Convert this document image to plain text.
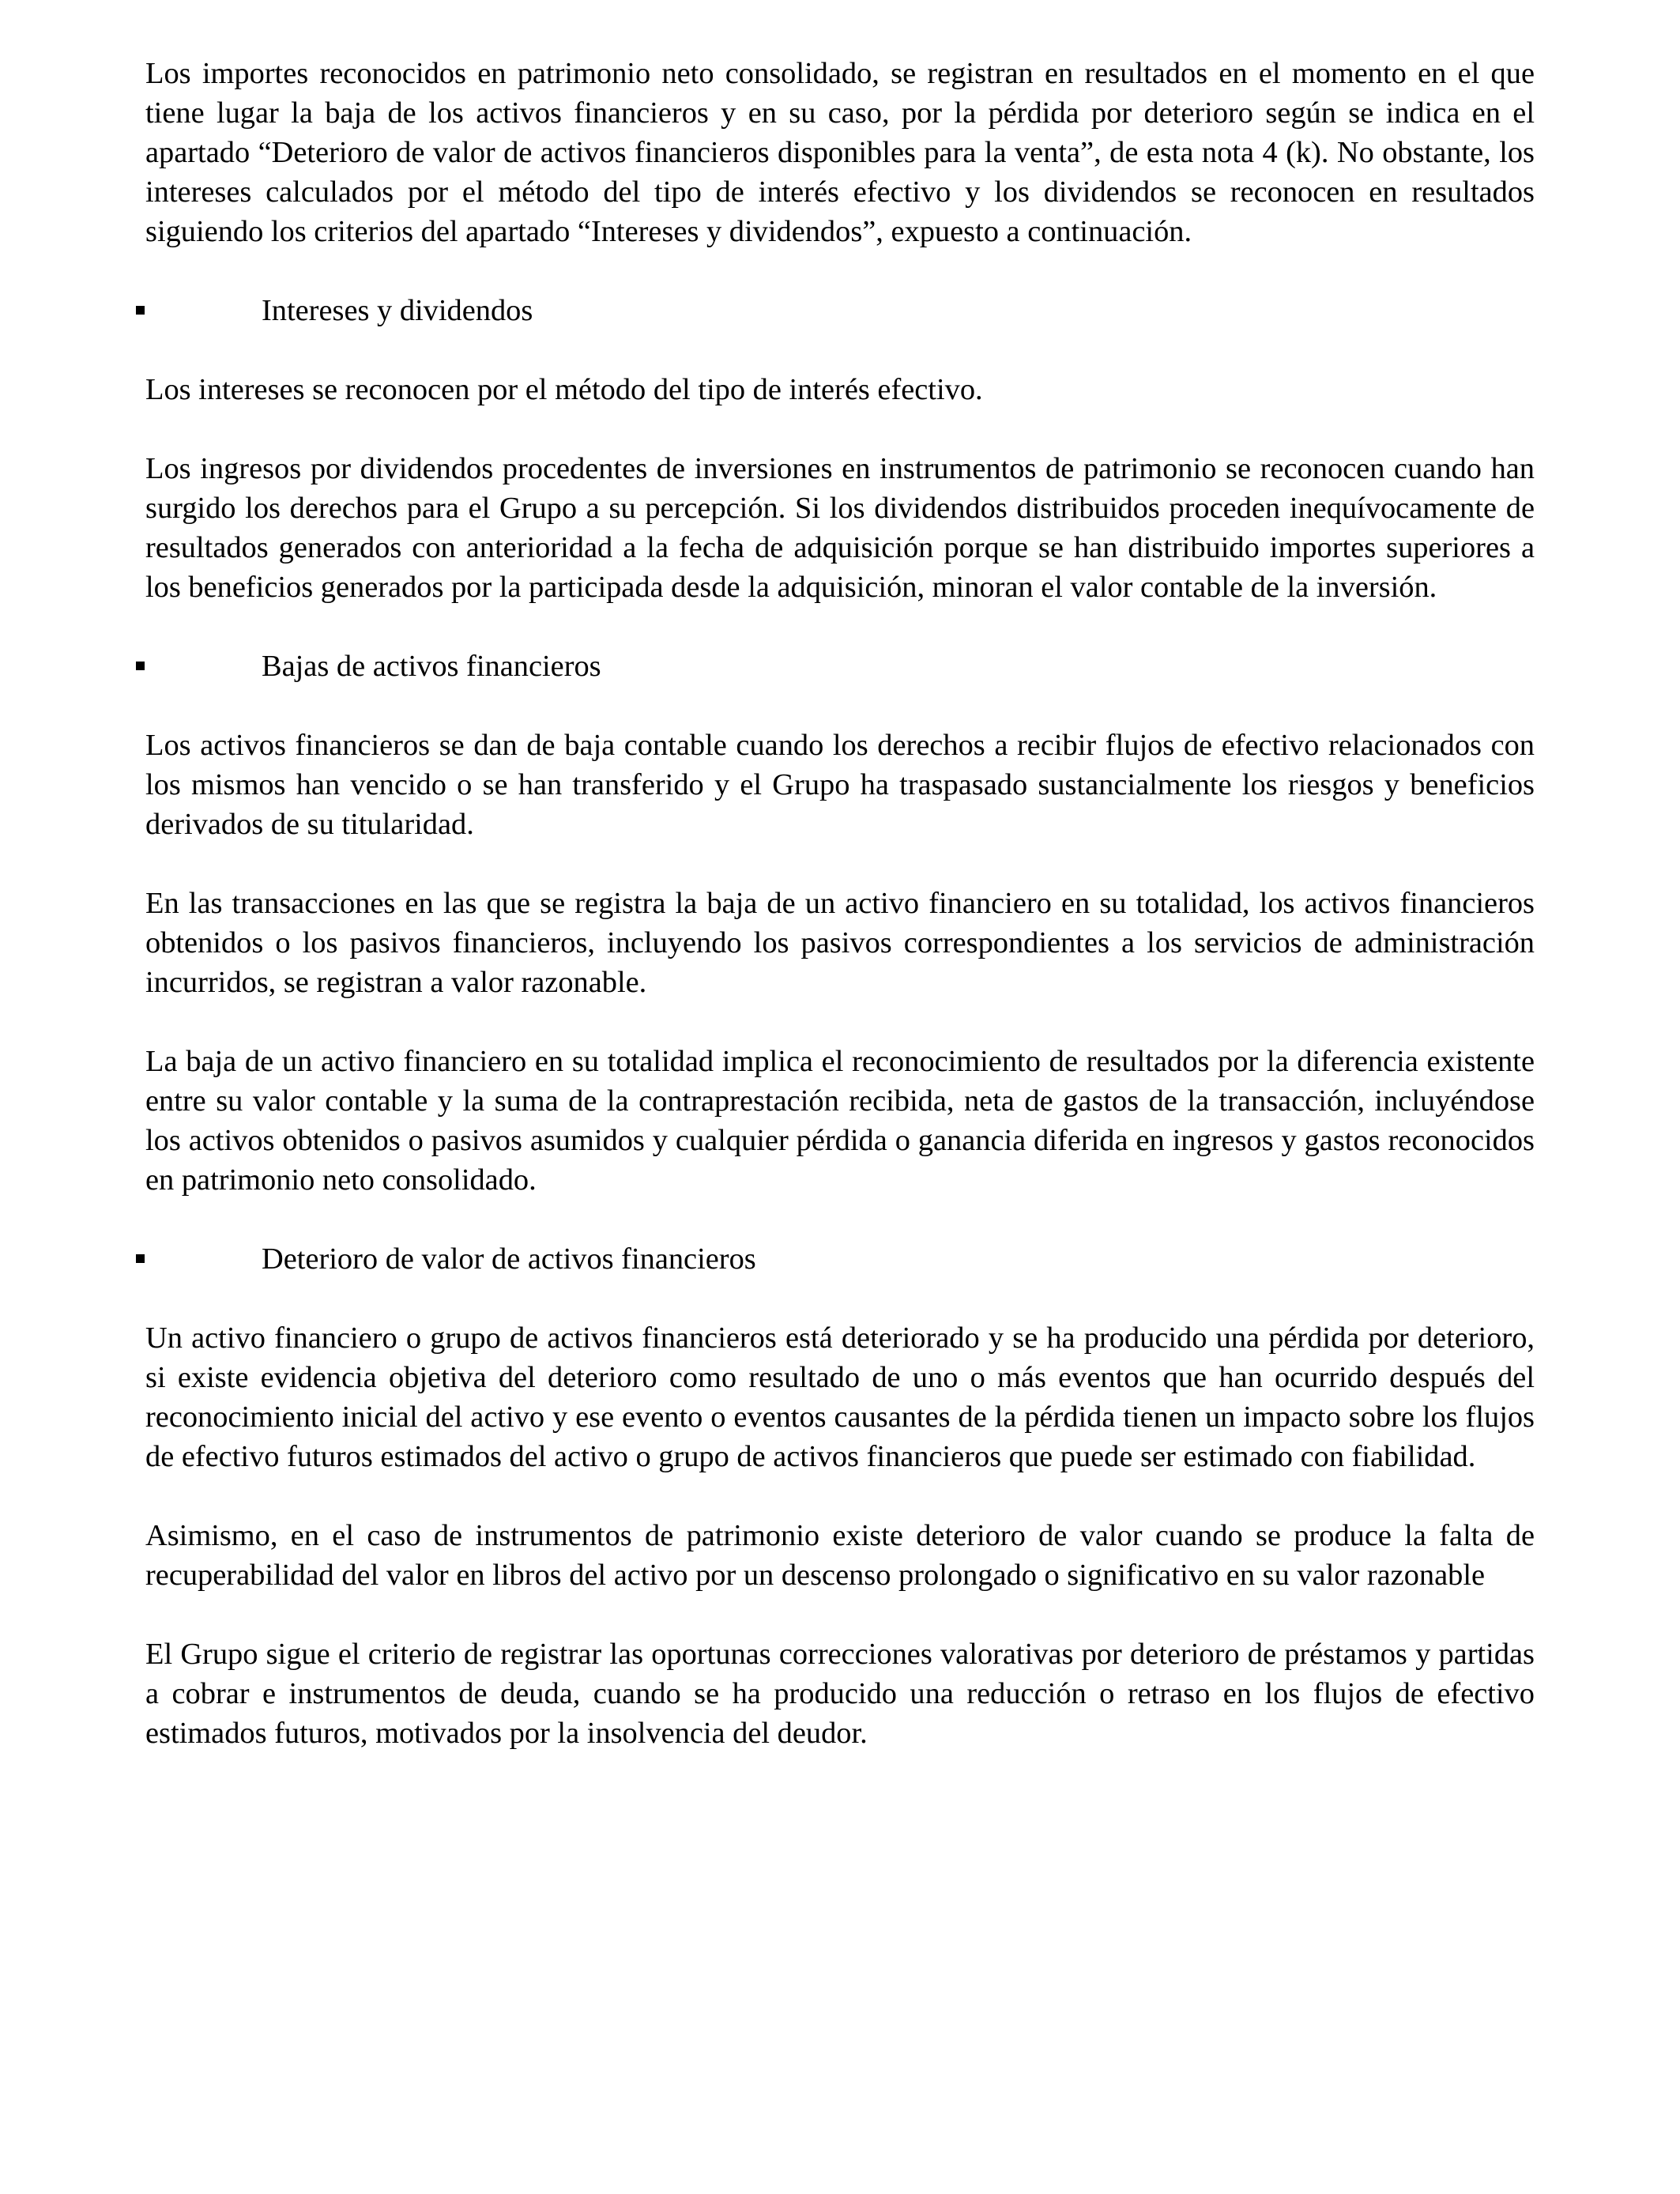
Los importes reconocidos en patrimonio neto consolidado, se registran en resultados en el momento en el que tiene lugar la baja de los activos financieros y en su caso, por la pérdida por deterioro según se indica en el apartado “Deterioro de valor de activos financieros disponibles para la venta”, de esta nota 4 (k). No obstante, los intereses calculados por el método del tipo de interés efectivo y los dividendos se reconocen en resultados siguiendo los criterios del apartado “Intereses y dividendos”, expuesto a continuación.

Intereses y dividendos

Los intereses se reconocen por el método del tipo de interés efectivo.

Los ingresos por dividendos procedentes de inversiones en instrumentos de patrimonio se reconocen cuando han surgido los derechos para el Grupo a su percepción. Si los dividendos distribuidos proceden inequívocamente de resultados generados con anterioridad a la fecha de adquisición porque se han distribuido importes superiores a los beneficios generados por la participada desde la adquisición, minoran el valor contable de la inversión.

Bajas de activos financieros

Los activos financieros se dan de baja contable cuando los derechos a recibir flujos de efectivo relacionados con los mismos han vencido o se han transferido y el Grupo ha traspasado sustancialmente los riesgos y beneficios derivados de su titularidad.

En las transacciones en las que se registra la baja de un activo financiero en su totalidad, los activos financieros obtenidos o los pasivos financieros, incluyendo los pasivos correspondientes a los servicios de administración incurridos, se registran a valor razonable.

La baja de un activo financiero en su totalidad implica el reconocimiento de resultados por la diferencia existente entre su valor contable y la suma de la contraprestación recibida, neta de gastos de la transacción, incluyéndose los activos obtenidos o pasivos asumidos y cualquier pérdida o ganancia diferida en ingresos y gastos reconocidos en patrimonio neto consolidado.

Deterioro de valor de activos financieros

Un activo financiero o grupo de activos financieros está deteriorado y se ha producido una pérdida por deterioro, si existe evidencia objetiva del deterioro como resultado de uno o más eventos que han ocurrido después del reconocimiento inicial del activo y ese evento o eventos causantes de la pérdida tienen un impacto sobre los flujos de efectivo futuros estimados del activo o grupo de activos financieros que puede ser estimado con fiabilidad.

Asimismo, en el caso de instrumentos de patrimonio existe deterioro de valor cuando se produce la falta de recuperabilidad del valor en libros del activo por un descenso prolongado o significativo en su valor razonable

El Grupo sigue el criterio de registrar las oportunas correcciones valorativas por deterioro de préstamos y partidas a cobrar e instrumentos de deuda, cuando se ha producido una reducción o retraso en los flujos de efectivo estimados futuros, motivados por la insolvencia del deudor.
